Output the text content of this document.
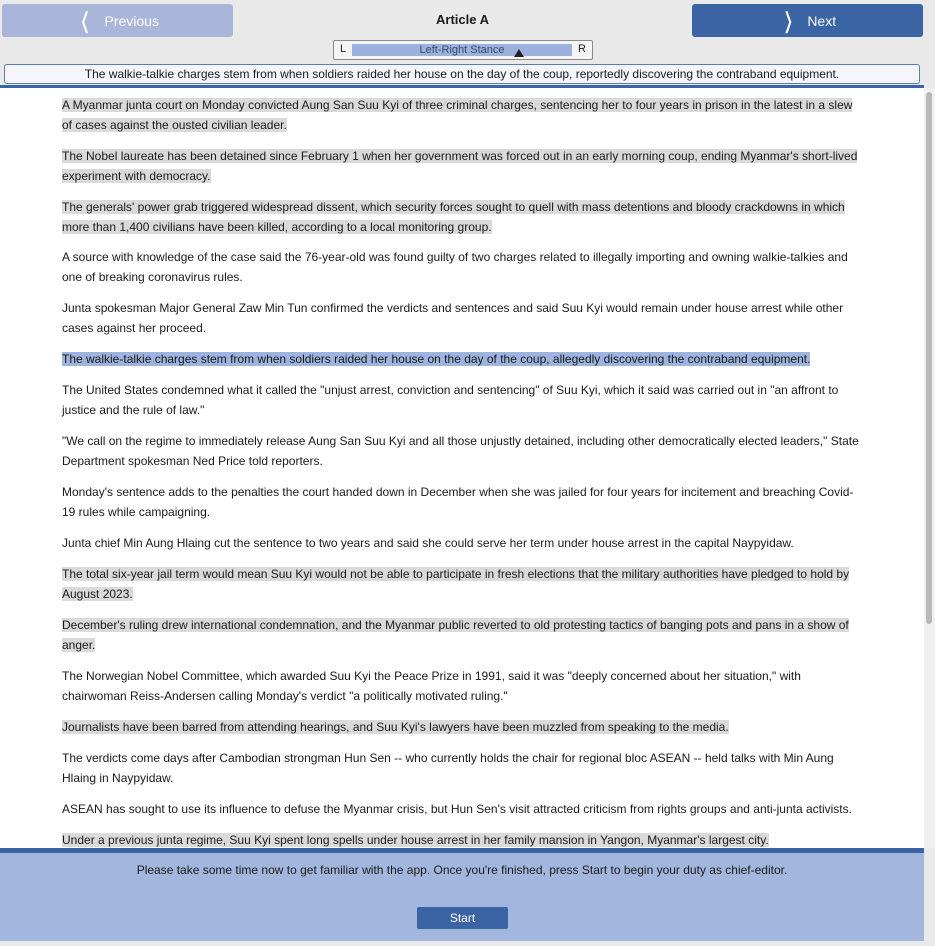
❬ Previous	Article A	❭ Next
L	Left-Right Stance	R
The walkie-talkie charges stem from when soldiers raided her house on the day of the coup, reportedly discovering the contraband equipment.

A Myanmar junta court on Monday convicted Aung San Suu Kyi of three criminal charges, sentencing her to four years in prison in the latest in a slew of cases against the ousted civilian leader.

The Nobel laureate has been detained since February 1 when her government was forced out in an early morning coup, ending Myanmar's short-lived experiment with democracy.

The generals' power grab triggered widespread dissent, which security forces sought to quell with mass detentions and bloody crackdowns in which more than 1,400 civilians have been killed, according to a local monitoring group.

A source with knowledge of the case said the 76-year-old was found guilty of two charges related to illegally importing and owning walkie-talkies and one of breaking coronavirus rules.

Junta spokesman Major General Zaw Min Tun confirmed the verdicts and sentences and said Suu Kyi would remain under house arrest while other cases against her proceed.

The walkie-talkie charges stem from when soldiers raided her house on the day of the coup, allegedly discovering the contraband equipment.

The United States condemned what it called the "unjust arrest, conviction and sentencing" of Suu Kyi, which it said was carried out in "an affront to justice and the rule of law."

"We call on the regime to immediately release Aung San Suu Kyi and all those unjustly detained, including other democratically elected leaders," State Department spokesman Ned Price told reporters.

Monday's sentence adds to the penalties the court handed down in December when she was jailed for four years for incitement and breaching Covid-19 rules while campaigning.

Junta chief Min Aung Hlaing cut the sentence to two years and said she could serve her term under house arrest in the capital Naypyidaw.

The total six-year jail term would mean Suu Kyi would not be able to participate in fresh elections that the military authorities have pledged to hold by August 2023.

December's ruling drew international condemnation, and the Myanmar public reverted to old protesting tactics of banging pots and pans in a show of anger.

The Norwegian Nobel Committee, which awarded Suu Kyi the Peace Prize in 1991, said it was "deeply concerned about her situation," with chairwoman Reiss-Andersen calling Monday's verdict "a politically motivated ruling."

Journalists have been barred from attending hearings, and Suu Kyi's lawyers have been muzzled from speaking to the media.

The verdicts come days after Cambodian strongman Hun Sen -- who currently holds the chair for regional bloc ASEAN -- held talks with Min Aung Hlaing in Naypyidaw.

ASEAN has sought to use its influence to defuse the Myanmar crisis, but Hun Sen's visit attracted criticism from rights groups and anti-junta activists.

Under a previous junta regime, Suu Kyi spent long spells under house arrest in her family mansion in Yangon, Myanmar's largest city.

Please take some time now to get familiar with the app. Once you're finished, press Start to begin your duty as chief-editor.
Start
